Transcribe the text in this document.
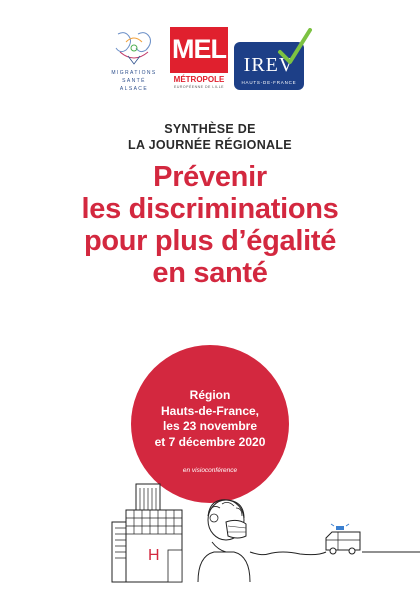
MIGRATIONS
SANTÉ
ALSACE
MEL
MÉTROPOLE
EUROPÉENNE DE LILLE
IREV
HAUTS-DE-FRANCE
SYNTHÈSE DE
LA JOURNÉE RÉGIONALE
Prévenir
les discriminations
pour plus d’égalité
en santé
Région
Hauts-de-France,
les 23 novembre
et 7 décembre 2020
en visioconférence
H
